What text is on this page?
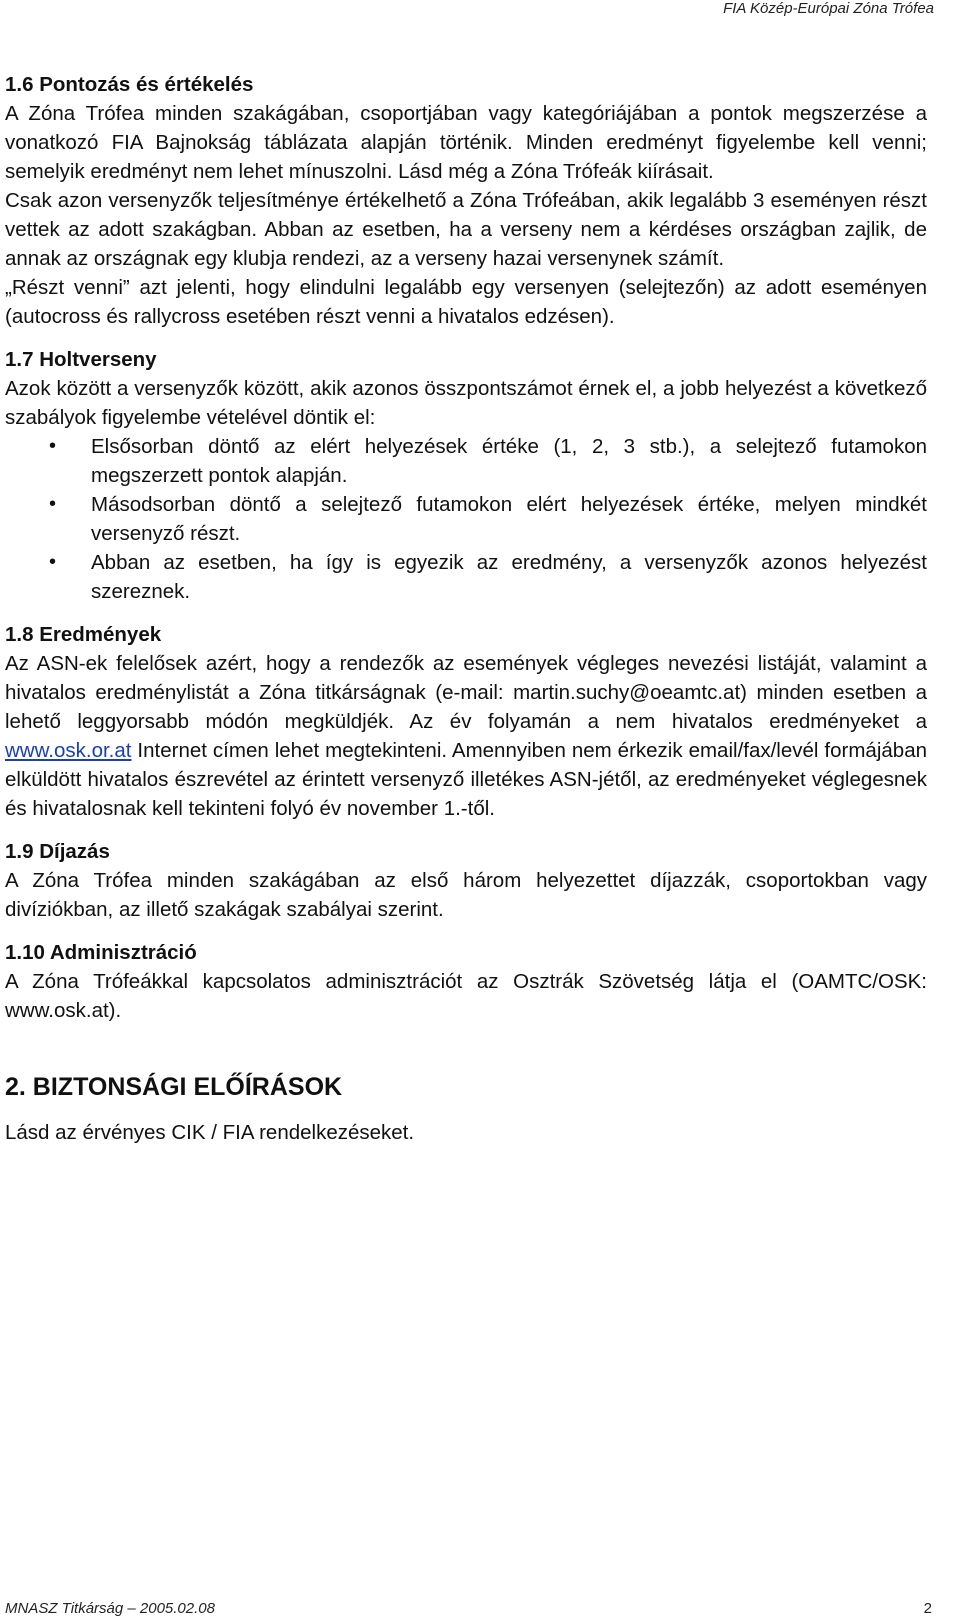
FIA Közép-Európai Zóna Trófea

1.6 Pontozás és értékelés

A Zóna Trófea minden szakágában, csoportjában vagy kategóriájában a pontok megszerzése a vonatkozó FIA Bajnokság táblázata alapján történik. Minden eredményt figyelembe kell venni; semelyik eredményt nem lehet mínuszolni. Lásd még a Zóna Trófeák kiírásait.

Csak azon versenyzők teljesítménye értékelhető a Zóna Trófeában, akik legalább 3 eseményen részt vettek az adott szakágban. Abban az esetben, ha a verseny nem a kérdéses országban zajlik, de annak az országnak egy klubja rendezi, az a verseny hazai versenynek számít.

„Részt venni” azt jelenti, hogy elindulni legalább egy versenyen (selejtezőn) az adott eseményen (autocross és rallycross esetében részt venni a hivatalos edzésen).

1.7 Holtverseny

Azok között a versenyzők között, akik azonos összpontszámot érnek el, a jobb helyezést a következő szabályok figyelembe vételével döntik el:

• Elsősorban döntő az elért helyezések értéke (1, 2, 3 stb.), a selejtező futamokon megszerzett pontok alapján.
• Másodsorban döntő a selejtező futamokon elért helyezések értéke, melyen mindkét versenyző részt.
• Abban az esetben, ha így is egyezik az eredmény, a versenyzők azonos helyezést szereznek.

1.8 Eredmények

Az ASN-ek felelősek azért, hogy a rendezők az események végleges nevezési listáját, valamint a hivatalos eredménylistát a Zóna titkárságnak (e-mail: martin.suchy@oeamtc.at) minden esetben a lehető leggyorsabb módón megküldjék. Az év folyamán a nem hivatalos eredményeket a www.osk.or.at Internet címen lehet megtekinteni. Amennyiben nem érkezik email/fax/levél formájában elküldött hivatalos észrevétel az érintett versenyző illetékes ASN-jétől, az eredményeket véglegesnek és hivatalosnak kell tekinteni folyó év november 1.-től.

1.9 Díjazás

A Zóna Trófea minden szakágában az első három helyezettet díjazzák, csoportokban vagy divíziókban, az illető szakágak szabályai szerint.

1.10 Adminisztráció

A Zóna Trófeákkal kapcsolatos adminisztrációt az Osztrák Szövetség látja el (OAMTC/OSK: www.osk.at).

2. BIZTONSÁGI ELŐÍRÁSOK

Lásd az érvényes CIK / FIA rendelkezéseket.

MNASZ Titkárság – 2005.02.08	2
